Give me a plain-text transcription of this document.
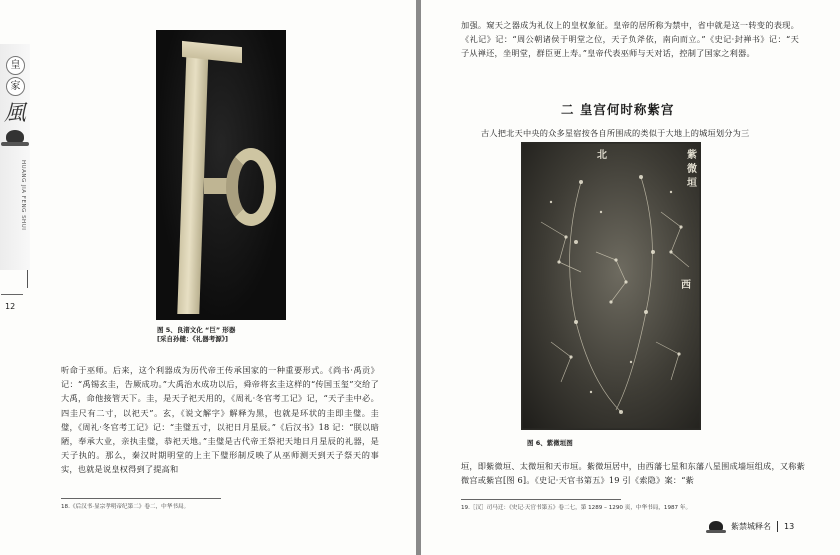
皇
家
風
HUANG JIA FENG SHUI
12
图 5、良渚文化 “巨” 形器
[采自孙健：《礼器考源》]

听命于巫师。后来，这个利器成为历代帝王传承国家的一种重要形式。《尚书·禹贡》记：“禹锡玄圭，告厥成功。”大禹治水成功以后，舜帝将玄圭这样的“传国玉玺”交给了大禹，命他接管天下。圭，是天子祀天用的，《周礼·冬官考工记》记，“天子圭中必。四圭尺有二寸，以祀天”。玄，《说文解字》解释为黑，也就是环状的圭即圭璧。圭璧，《周礼·冬官考工记》记：“圭璧五寸，以祀日月星辰。”《后汉书》18 记：“朕以暗陋，奉承大业，亲执圭璧，恭祀天地。”圭璧是古代帝王祭祀天地日月星辰的礼器，是天子执的。那么，秦汉时期明堂的上主下璧形制反映了从巫师测天到天子祭天的事实，也就是说皇权得到了提高和

18.《后汉书·显宗孝明帝纪第二》卷二，中华书局。

加强。窥天之器成为礼仪上的皇权象征。皇帝的居所称为禁中，省中就是这一转变的表现。《礼记》记：“周公朝诸侯于明堂之位，天子负斧依，南向而立。”《史记·封禅书》记：“天子从禅还，坐明堂，群臣更上寿。”皇帝代表巫师与天对话，控制了国家之利器。

二 皇宫何时称紫宫

古人把北天中央的众多星宿按各自所围成的类似于大地上的城垣划分为三

北	紫
微
垣
西
图 6、紫微垣图

垣，即紫微垣、太微垣和天市垣。紫微垣居中，由西藩七星和东藩八星围成墙垣组成，又称紫微宫或紫宫[图 6]。《史记·天官书第五》19 引《索隐》案：“紫

19.［汉］司马迁：《史记·天官书第五》卷二七，第 1289 – 1290 页，中华书局，1987 年。
紫禁城释名 13
